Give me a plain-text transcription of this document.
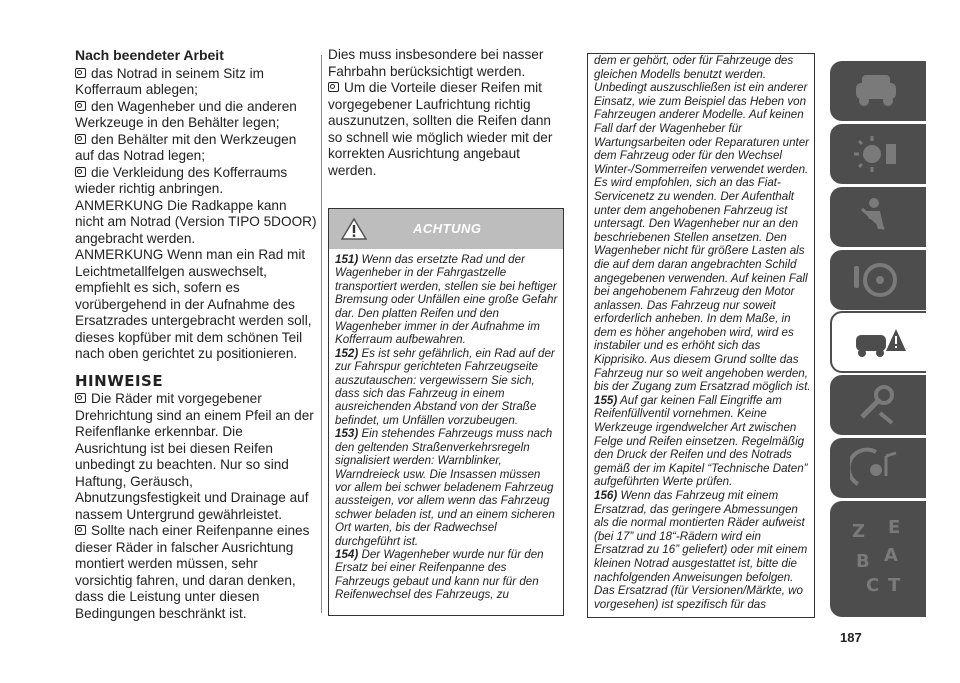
Nach beendeter Arbeit

das Notrad in seinem Sitz im Kofferraum ablegen;

den Wagenheber und die anderen Werkzeuge in den Behälter legen;

den Behälter mit den Werkzeugen auf das Notrad legen;

die Verkleidung des Kofferraums wieder richtig anbringen.

ANMERKUNG Die Radkappe kann nicht am Notrad (Version TIPO 5DOOR) angebracht werden.

ANMERKUNG Wenn man ein Rad mit Leichtmetallfelgen auswechselt, empfiehlt es sich, sofern es vorübergehend in der Aufnahme des Ersatzrades untergebracht werden soll, dieses kopfüber mit dem schönen Teil nach oben gerichtet zu positionieren.

HINWEISE

Die Räder mit vorgegebener Drehrichtung sind an einem Pfeil an der Reifenflanke erkennbar. Die Ausrichtung ist bei diesen Reifen unbedingt zu beachten. Nur so sind Haftung, Geräusch, Abnutzungsfestigkeit und Drainage auf nassem Untergrund gewährleistet.

Sollte nach einer Reifenpanne eines dieser Räder in falscher Ausrichtung montiert werden müssen, sehr vorsichtig fahren, und daran denken, dass die Leistung unter diesen Bedingungen beschränkt ist.

Dies muss insbesondere bei nasser Fahrbahn berücksichtigt werden.

Um die Vorteile dieser Reifen mit vorgegebener Laufrichtung richtig auszunutzen, sollten die Reifen dann so schnell wie möglich wieder mit der korrekten Ausrichtung angebaut werden.

ACHTUNG
151) Wenn das ersetzte Rad und der Wagenheber in der Fahrgastzelle transportiert werden, stellen sie bei heftiger Bremsung oder Unfällen eine große Gefahr dar. Den platten Reifen und den Wagenheber immer in der Aufnahme im Kofferraum aufbewahren.
152) Es ist sehr gefährlich, ein Rad auf der zur Fahrspur gerichteten Fahrzeugseite auszutauschen: vergewissern Sie sich, dass sich das Fahrzeug in einem ausreichenden Abstand von der Straße befindet, um Unfällen vorzubeugen.
153) Ein stehendes Fahrzeugs muss nach den geltenden Straßenverkehrsregeln signalisiert werden: Warnblinker, Warndreieck usw. Die Insassen müssen vor allem bei schwer beladenem Fahrzeug aussteigen, vor allem wenn das Fahrzeug schwer beladen ist, und an einem sicheren Ort warten, bis der Radwechsel durchgeführt ist.
154) Der Wagenheber wurde nur für den Ersatz bei einer Reifenpanne des Fahrzeugs gebaut und kann nur für den Reifenwechsel des Fahrzeugs, zu
dem er gehört, oder für Fahrzeuge des gleichen Modells benutzt werden. Unbedingt auszuschließen ist ein anderer Einsatz, wie zum Beispiel das Heben von Fahrzeugen anderer Modelle. Auf keinen Fall darf der Wagenheber für Wartungsarbeiten oder Reparaturen unter dem Fahrzeug oder für den Wechsel Winter-/Sommerreifen verwendet werden. Es wird empfohlen, sich an das Fiat-Servicenetz zu wenden. Der Aufenthalt unter dem angehobenen Fahrzeug ist untersagt. Den Wagenheber nur an den beschriebenen Stellen ansetzen. Den Wagenheber nicht für größere Lasten als die auf dem daran angebrachten Schild angegebenen verwenden. Auf keinen Fall bei angehobenem Fahrzeug den Motor anlassen. Das Fahrzeug nur soweit erforderlich anheben. In dem Maße, in dem es höher angehoben wird, wird es instabiler und es erhöht sich das Kipprisiko. Aus diesem Grund sollte das Fahrzeug nur so weit angehoben werden, bis der Zugang zum Ersatzrad möglich ist.
155) Auf gar keinen Fall Eingriffe am Reifenfüllventil vornehmen. Keine Werkzeuge irgendwelcher Art zwischen Felge und Reifen einsetzen. Regelmäßig den Druck der Reifen und des Notrads gemäß der im Kapitel “Technische Daten” aufgeführten Werte prüfen.
156) Wenn das Fahrzeug mit einem Ersatzrad, das geringere Abmessungen als die normal montierten Räder aufweist (bei 17” und 18“-Rädern wird ein Ersatzrad zu 16” geliefert) oder mit einem kleinen Notrad ausgestattet ist, bitte die nachfolgenden Anweisungen befolgen. Das Ersatzrad (für Versionen/Märkte, wo vorgesehen) ist spezifisch für das
Z E
B A
C T
187
